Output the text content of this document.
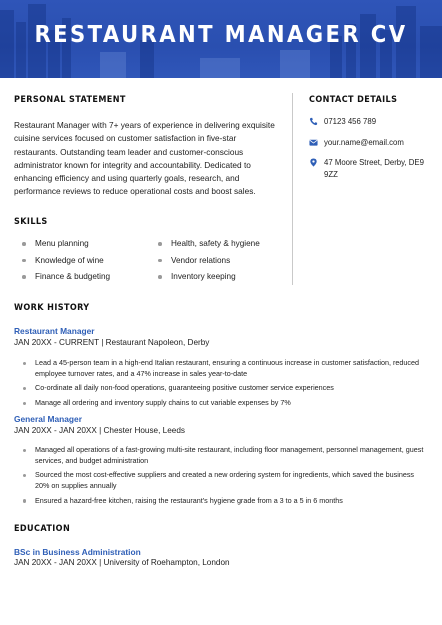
RESTAURANT MANAGER CV
PERSONAL STATEMENT
Restaurant Manager with 7+ years of experience in delivering exquisite cuisine services focused on customer satisfaction in five-star restaurants. Outstanding team leader and customer-conscious administrator known for integrity and accountability. Dedicated to enhancing efficiency and using quarterly goals, research, and performance reviews to reduce operational costs and boost sales.
CONTACT DETAILS
07123 456 789
your.name@email.com
47 Moore Street, Derby, DE9 9ZZ
SKILLS
Menu planning
Knowledge of wine
Finance & budgeting
Health, safety & hygiene
Vendor relations
Inventory keeping
WORK HISTORY
Restaurant Manager
JAN 20XX - CURRENT | Restaurant Napoleon, Derby
Lead a 45-person team in a high-end Italian restaurant, ensuring a continuous increase in customer satisfaction, reduced employee turnover rates, and a 47% increase in sales year-to-date
Co-ordinate all daily non-food operations, guaranteeing positive customer service experiences
Manage all ordering and inventory supply chains to cut variable expenses by 7%
General Manager
JAN 20XX - JAN 20XX | Chester House, Leeds
Managed all operations of a fast-growing multi-site restaurant, including floor management, personnel management, guest services, and budget administration
Sourced the most cost-effective suppliers and created a new ordering system for ingredients, which saved the business 20% on supplies annually
Ensured a hazard-free kitchen, raising the restaurant's hygiene grade from a 3 to a 5 in 6 months
EDUCATION
BSc in Business Administration
JAN 20XX - JAN 20XX | University of Roehampton, London
